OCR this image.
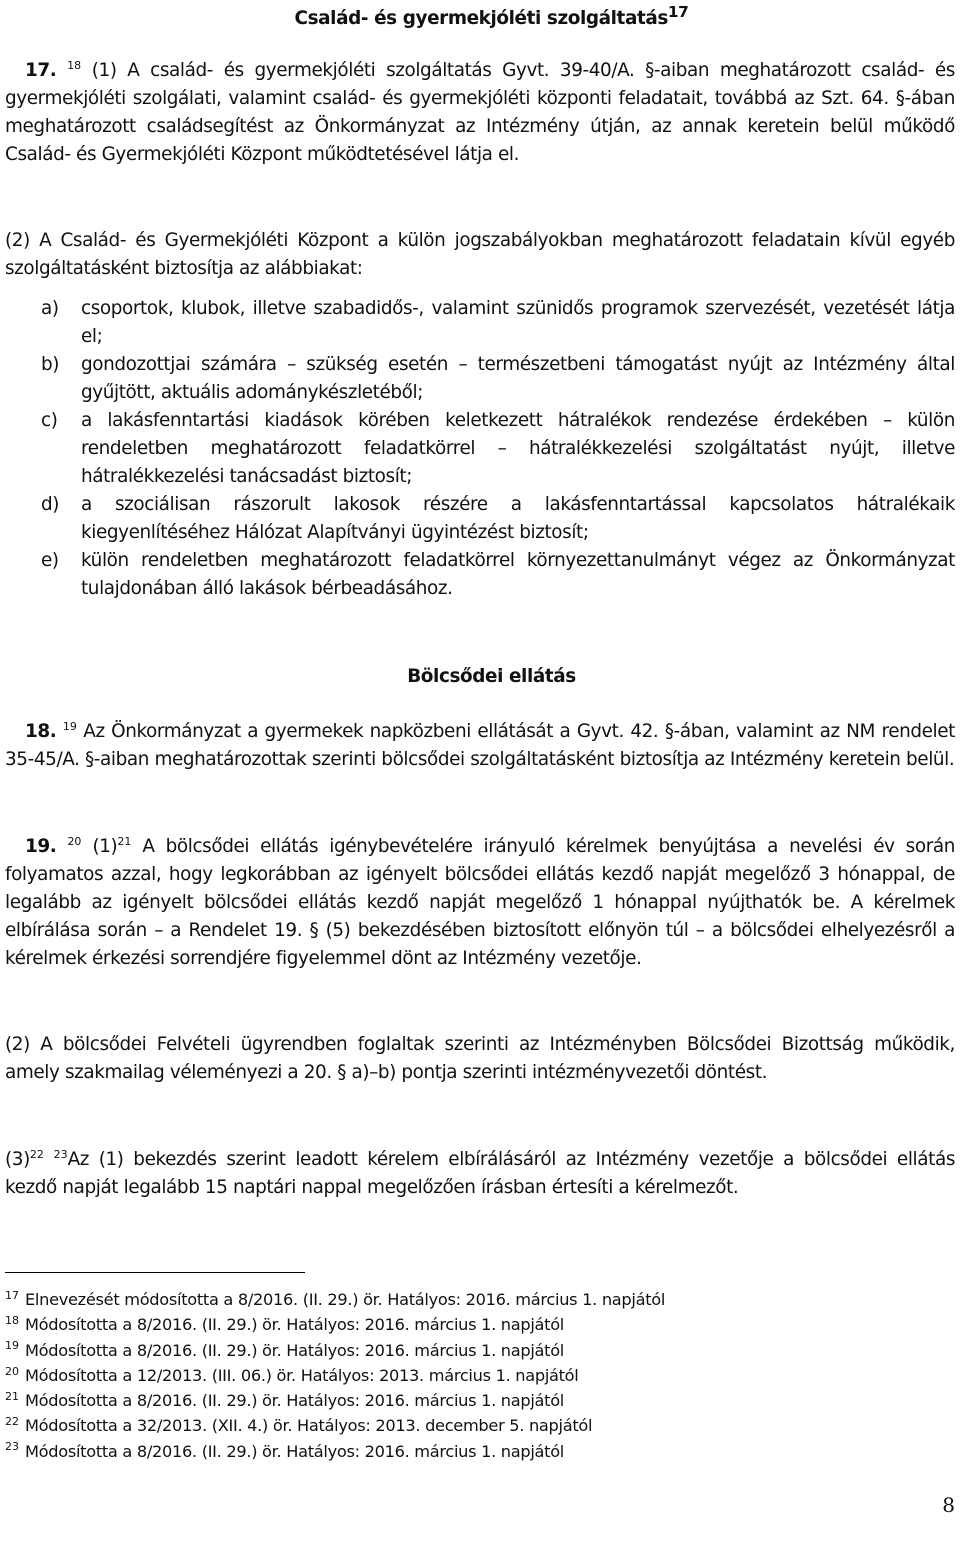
Család- és gyermekjóléti szolgáltatás$^{17}$

17. $^{18}$ (1) A család- és gyermekjóléti szolgáltatás Gyvt. 39-40/A. §-aiban meghatározott család- és gyermekjóléti szolgálati, valamint család- és gyermekjóléti központi feladatait, továbbá az Szt. 64. §-ában meghatározott családsegítést az Önkormányzat az Intézmény útján, az annak keretein belül működő Család- és Gyermekjóléti Központ működtetésével látja el.

(2) A Család- és Gyermekjóléti Központ a külön jogszabályokban meghatározott feladatain kívül egyéb szolgáltatásként biztosítja az alábbiakat:

a) csoportok, klubok, illetve szabadidős-, valamint szünidős programok szervezését, vezetését látja el;
b) gondozottjai számára – szükség esetén – természetbeni támogatást nyújt az Intézmény által gyűjtött, aktuális adománykészletéből;
c) a lakásfenntartási kiadások körében keletkezett hátralékok rendezése érdekében – külön rendeletben meghatározott feladatkörrel – hátralékkezelési szolgáltatást nyújt, illetve hátralékkezelési tanácsadást biztosít;
d) a szociálisan rászorult lakosok részére a lakásfenntartással kapcsolatos hátralékaik kiegyenlítéséhez Hálózat Alapítványi ügyintézést biztosít;
e) külön rendeletben meghatározott feladatkörrel környezettanulmányt végez az Önkormányzat tulajdonában álló lakások bérbeadásához.
Bölcsődei ellátás

18. $^{19}$ Az Önkormányzat a gyermekek napközbeni ellátását a Gyvt. 42. §-ában, valamint az NM rendelet 35-45/A. §-aiban meghatározottak szerinti bölcsődei szolgáltatásként biztosítja az Intézmény keretein belül.

19. $^{20}$ $(1)^{21}$ A bölcsődei ellátás igénybevételére irányuló kérelmek benyújtása a nevelési év során folyamatos azzal, hogy legkorábban az igényelt bölcsődei ellátás kezdő napját megelőző 3 hónappal, de legalább az igényelt bölcsődei ellátás kezdő napját megelőző 1 hónappal nyújthatók be. A kérelmek elbírálása során – a Rendelet 19. § (5) bekezdésében biztosított előnyön túl – a bölcsődei elhelyezésről a kérelmek érkezési sorrendjére figyelemmel dönt az Intézmény vezetője.

(2) A bölcsődei Felvételi ügyrendben foglaltak szerinti az Intézményben Bölcsődei Bizottság működik, amely szakmailag véleményezi a 20. § a)–b) pontja szerinti intézményvezetői döntést.

$(3)^{22}$ $^{23}$Az (1) bekezdés szerint leadott kérelem elbírálásáról az Intézmény vezetője a bölcsődei ellátás kezdő napját legalább 15 naptári nappal megelőzően írásban értesíti a kérelmezőt.

$^{17}$ Elnevezését módosította a 8/2016. (II. 29.) ör. Hatályos: 2016. március 1. napjától

$^{18}$ Módosította a 8/2016. (II. 29.) ör. Hatályos: 2016. március 1. napjától

$^{19}$ Módosította a 8/2016. (II. 29.) ör. Hatályos: 2016. március 1. napjától

$^{20}$ Módosította a 12/2013. (III. 06.) ör. Hatályos: 2013. március 1. napjától

$^{21}$ Módosította a 8/2016. (II. 29.) ör. Hatályos: 2016. március 1. napjától

$^{22}$ Módosította a 32/2013. (XII. 4.) ör. Hatályos: 2013. december 5. napjától

$^{23}$ Módosította a 8/2016. (II. 29.) ör. Hatályos: 2016. március 1. napjától

8
